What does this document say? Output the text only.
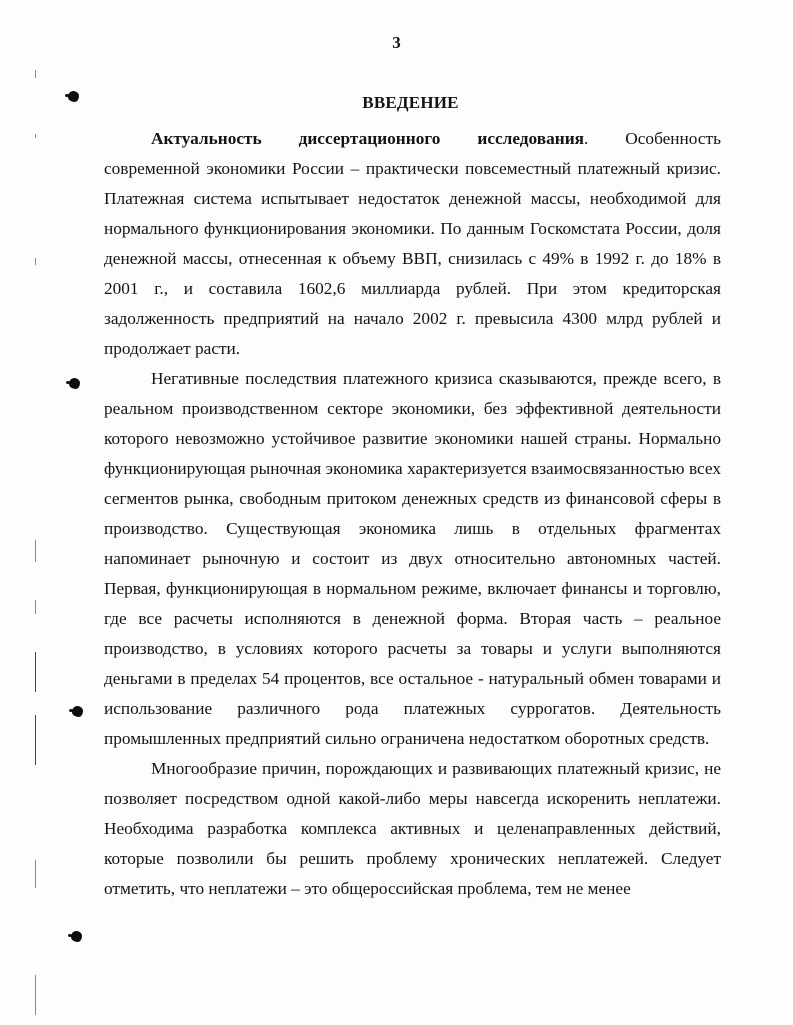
3
ВВЕДЕНИЕ

Актуальность диссертационного исследования. Особенность современной экономики России – практически повсеместный платежный кризис. Платежная система испытывает недостаток денежной массы, необходимой для нормального функционирования экономики. По данным Госкомстата России, доля денежной массы, отнесенная к объему ВВП, снизилась с 49% в 1992 г. до 18% в 2001 г., и составила 1602,6 миллиарда рублей. При этом кредиторская задолженность предприятий на начало 2002 г. превысила 4300 млрд рублей и продолжает расти.

Негативные последствия платежного кризиса сказываются, прежде всего, в реальном производственном секторе экономики, без эффективной деятельности которого невозможно устойчивое развитие экономики нашей страны. Нормально функционирующая рыночная экономика характеризуется взаимосвязанностью всех сегментов рынка, свободным притоком денежных средств из финансовой сферы в производство. Существующая экономика лишь в отдельных фрагментах напоминает рыночную и состоит из двух относительно автономных частей. Первая, функционирующая в нормальном режиме, включает финансы и торговлю, где все расчеты исполняются в денежной форма. Вторая часть – реальное производство, в условиях которого расчеты за товары и услуги выполняются деньгами в пределах 54 процентов, все остальное - натуральный обмен товарами и использование различного рода платежных суррогатов. Деятельность промышленных предприятий сильно ограничена недостатком оборотных средств.

Многообразие причин, порождающих и развивающих платежный кризис, не позволяет посредством одной какой-либо меры навсегда искоренить неплатежи. Необходима разработка комплекса активных и целенаправленных действий, которые позволили бы решить проблему хронических неплатежей. Следует отметить, что неплатежи – это общероссийская проблема, тем не менее
